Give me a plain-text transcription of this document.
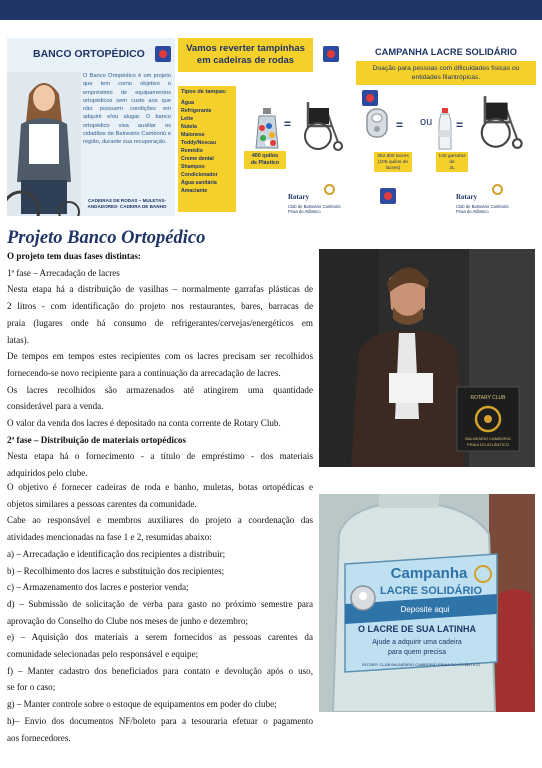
BANCO ORTOPÉDICO
O Banco Ortopédico é um projeto que tem como objetivo o empréstimo de equipamentos ortopédicos sem custo aos que não possuem condições em adquirir e/ou alugar. O banco ortopédico visa auxiliar os cidadãos de Balneário Camboriú e região, durante sua recuperação.
CADEIRAS DE RODAS – MULETAS-ANDADORES- CADEIRA DE BANHO
Vamos reverter tampinhas
em cadeiras de rodas
Tipos de tampas:
Água
Refrigerante
Leite
Nutela
Maionese
Toddy/Nescau
Remédio
Creme dental
Shampoo
Condicionador
Água sanitária
Amaciante
=
400 quilos
de Plástico
Rotary
Club de Balneário Camboriú
Praia do Atlântico
CAMPANHA LACRE SOLIDÁRIO
Doação para pessoas com dificuldades físicas ou
entidades filantrópicas.
= ou =
352.800 lacres
(105 quilos de
lacres)
140 garrafas de
2L
Rotary
Club de Balneário Camboriú
Praia do Atlântico
Projeto Banco Ortopédico
O projeto tem duas fases distintas:
1ª fase – Arrecadação de lacres
Nesta etapa há a distribuição de vasilhas – normalmente garrafas plásticas de
2 litros - com identificação do projeto nos restaurantes, bares, barracas de
praia (lugares onde há consumo de refrigerantes/cervejas/energéticos em
latas).
De tempos em tempos estes recipientes com os lacres precisam ser recolhidos
fornecendo-se novo recipiente para a continuação da arrecadação de lacres.
Os lacres recolhidos são armazenados até atingirem uma quantidade
considerável para a venda.
O valor da venda dos lacres é depositado na conta corrente de Rotary Club.
2ª fase – Distribuição de materiais ortopédicos
Nesta etapa há o fornecimento - a título de empréstimo - dos materiais
adquiridos pelo clube.
O objetivo é fornecer cadeiras de roda e banho, muletas, botas ortopédicas e
objetos similares a pessoas carentes da comunidade.
Cabe ao responsável e membros auxiliares do projeto a coordenação das
atividades mencionadas na fase 1 e 2, resumidas abaixo:
a) – Arrecadação e identificação dos recipientes a distribuir;
b) – Recolhimento dos lacres e substituição dos recipientes;
c) – Armazenamento dos lacres e posterior venda;
d) – Submissão de solicitação de verba para gasto no próximo semestre para
aprovação do Conselho do Clube nos meses de junho e dezembro;
e) – Aquisição dos materiais a serem fornecidos as pessoas carentes da
comunidade selecionadas pelo responsável e equipe;
f) – Manter cadastro dos beneficiados para contato e devolução após o uso,
se for o caso;
g) – Manter controle sobre o estoque de equipamentos em poder do clube;
h)– Envio dos documentos NF/boleto para a tesouraria efetuar o pagamento
aos fornecedores.
ROTARY CLUB
BALNEÁRIO CAMBORIÚ
PRAIA DO ATLÂNTICO
Campanha
LACRE SOLIDÁRIO
Deposite aqui
O LACRE DE SUA LATINHA
Ajude a adquirir uma cadeira
para quem precisa
ROTARY CLUB BALNEÁRIO CAMBORIÚ PRAIA DO ATLÂNTICO
